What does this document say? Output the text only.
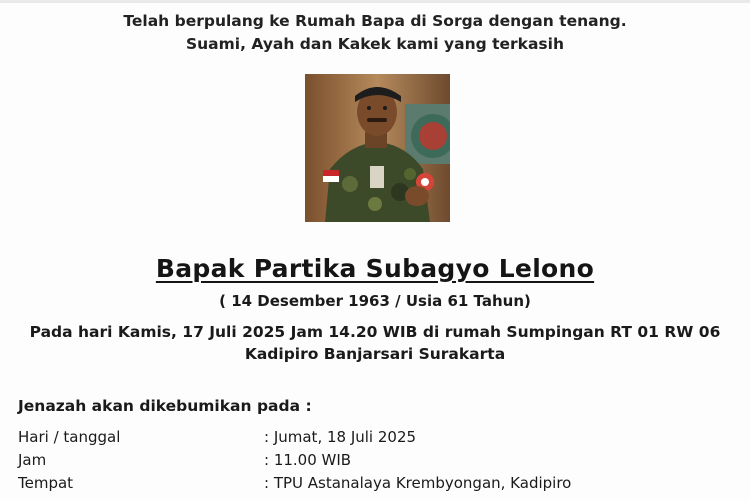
Telah berpulang ke Rumah Bapa di Sorga dengan tenang.
Suami, Ayah dan Kakek kami yang terkasih
Bapak Partika Subagyo Lelono
( 14 Desember 1963 / Usia 61 Tahun)
Pada hari Kamis, 17 Juli 2025 Jam 14.20 WIB di rumah Sumpingan RT 01 RW 06
Kadipiro Banjarsari Surakarta
Jenazah akan dikebumikan pada :
Hari / tanggal	: Jumat, 18 Juli 2025
Jam	: 11.00 WIB
Tempat	: TPU Astanalaya Krembyongan, Kadipiro
